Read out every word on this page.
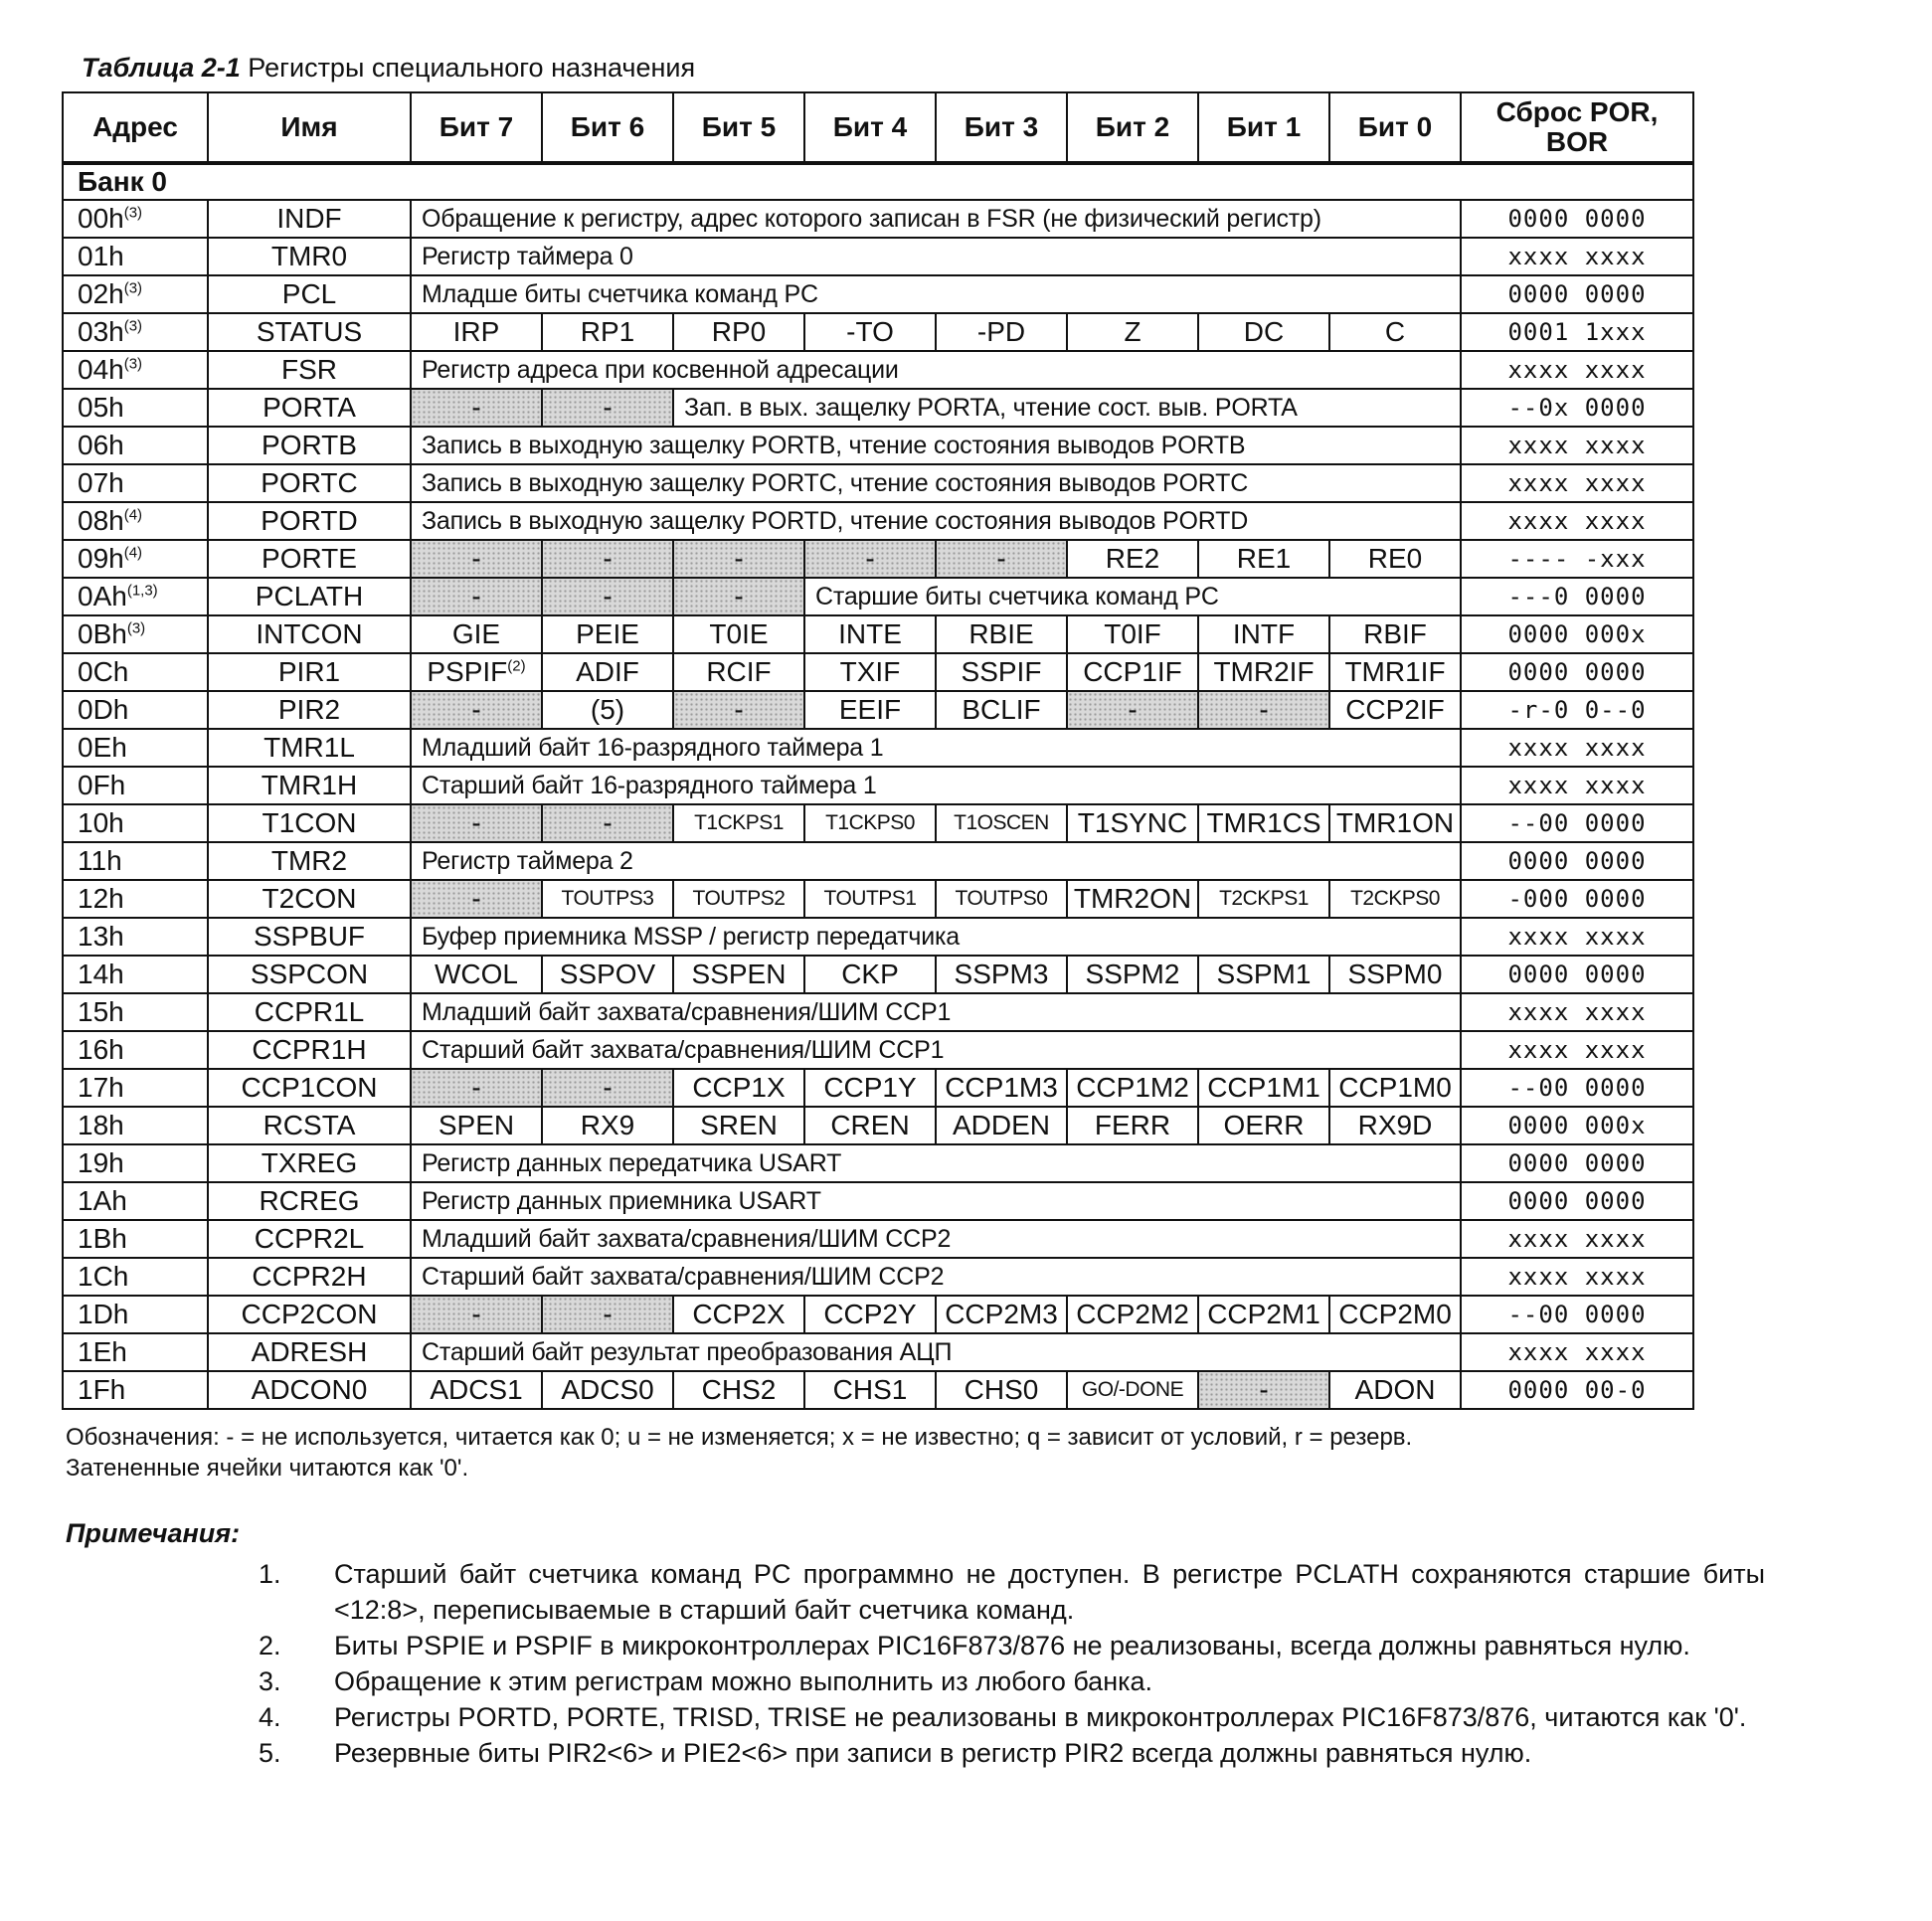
Таблица 2-1 Регистры специального назначения
Адрес	Имя	Бит 7	Бит 6	Бит 5	Бит 4	Бит 3	Бит 2	Бит 1	Бит 0	Сброс POR, BOR
Банк 0										
$00h^{(3)}$	INDF	Обращение к регистру, адрес которого записан в FSR (не физический регистр)								0000 0000
01h	TMR0	Регистр таймера 0								xxxx xxxx
$02h^{(3)}$	PCL	Младше биты счетчика команд PC								0000 0000
$03h^{(3)}$	STATUS	IRP	RP1	RP0	-TO	-PD	Z	DC	C	0001 1xxx
$04h^{(3)}$	FSR	Регистр адреса при косвенной адресации								xxxx xxxx
05h	PORTA	-	-	Зап. в вых. защелку PORTA, чтение сост. выв. PORTA						--0x 0000
06h	PORTB	Запись в выходную защелку PORTB, чтение состояния выводов PORTB								xxxx xxxx
07h	PORTC	Запись в выходную защелку PORTC, чтение состояния выводов PORTC								xxxx xxxx
$08h^{(4)}$	PORTD	Запись в выходную защелку PORTD, чтение состояния выводов PORTD								xxxx xxxx
$09h^{(4)}$	PORTE	-	-	-	-	-	RE2	RE1	RE0	---- -xxx
0Ah$^{(1,3)}$	PCLATH	-	-	-	Старшие биты счетчика команд PC					---0 0000
0Bh$^{(3)}$	INTCON	GIE	PEIE	T0IE	INTE	RBIE	T0IF	INTF	RBIF	0000 000x
0Ch	PIR1	PSPIF$^{(2)}$	ADIF	RCIF	TXIF	SSPIF	CCP1IF	TMR2IF	TMR1IF	0000 0000
0Dh	PIR2	-	(5)	-	EEIF	BCLIF	-	-	CCP2IF	-r-0 0--0
0Eh	TMR1L	Младший байт 16-разрядного таймера 1								xxxx xxxx
0Fh	TMR1H	Старший байт 16-разрядного таймера 1								xxxx xxxx
10h	T1CON	-	-	T1CKPS1	T1CKPS0	T1OSCEN	T1SYNC	TMR1CS	TMR1ON	--00 0000
11h	TMR2	Регистр таймера 2								0000 0000
12h	T2CON	-	TOUTPS3	TOUTPS2	TOUTPS1	TOUTPS0	TMR2ON	T2CKPS1	T2CKPS0	-000 0000
13h	SSPBUF	Буфер приемника MSSP / регистр передатчика								xxxx xxxx
14h	SSPCON	WCOL	SSPOV	SSPEN	CKP	SSPM3	SSPM2	SSPM1	SSPM0	0000 0000
15h	CCPR1L	Младший байт захвата/сравнения/ШИМ CCP1								xxxx xxxx
16h	CCPR1H	Старший байт захвата/сравнения/ШИМ CCP1								xxxx xxxx
17h	CCP1CON	-	-	CCP1X	CCP1Y	CCP1M3	CCP1M2	CCP1M1	CCP1M0	--00 0000
18h	RCSTA	SPEN	RX9	SREN	CREN	ADDEN	FERR	OERR	RX9D	0000 000x
19h	TXREG	Регистр данных передатчика USART								0000 0000
1Ah	RCREG	Регистр данных приемника USART								0000 0000
1Bh	CCPR2L	Младший байт захвата/сравнения/ШИМ CCP2								xxxx xxxx
1Ch	CCPR2H	Старший байт захвата/сравнения/ШИМ CCP2								xxxx xxxx
1Dh	CCP2CON	-	-	CCP2X	CCP2Y	CCP2M3	CCP2M2	CCP2M1	CCP2M0	--00 0000
1Eh	ADRESH	Старший байт результат преобразования АЦП								xxxx xxxx
1Fh	ADCON0	ADCS1	ADCS0	CHS2	CHS1	CHS0	GO/-DONE	-	ADON	0000 00-0
Обозначения: - = не используется, читается как 0; u = не изменяется; x = не известно; q = зависит от условий, r = резерв.
Затененные ячейки читаются как '0'.
Примечания:
1. Старший байт счетчика команд PC программно не доступен. В регистре PCLATH сохраняются старшие биты <12:8>, переписываемые в старший байт счетчика команд.
2. Биты PSPIE и PSPIF в микроконтроллерах PIC16F873/876 не реализованы, всегда должны равняться нулю.
3. Обращение к этим регистрам можно выполнить из любого банка.
4. Регистры PORTD, PORTE, TRISD, TRISE не реализованы в микроконтроллерах PIC16F873/876, читаются как '0'.
5. Резервные биты PIR2<6> и PIE2<6> при записи в регистр PIR2 всегда должны равняться нулю.
